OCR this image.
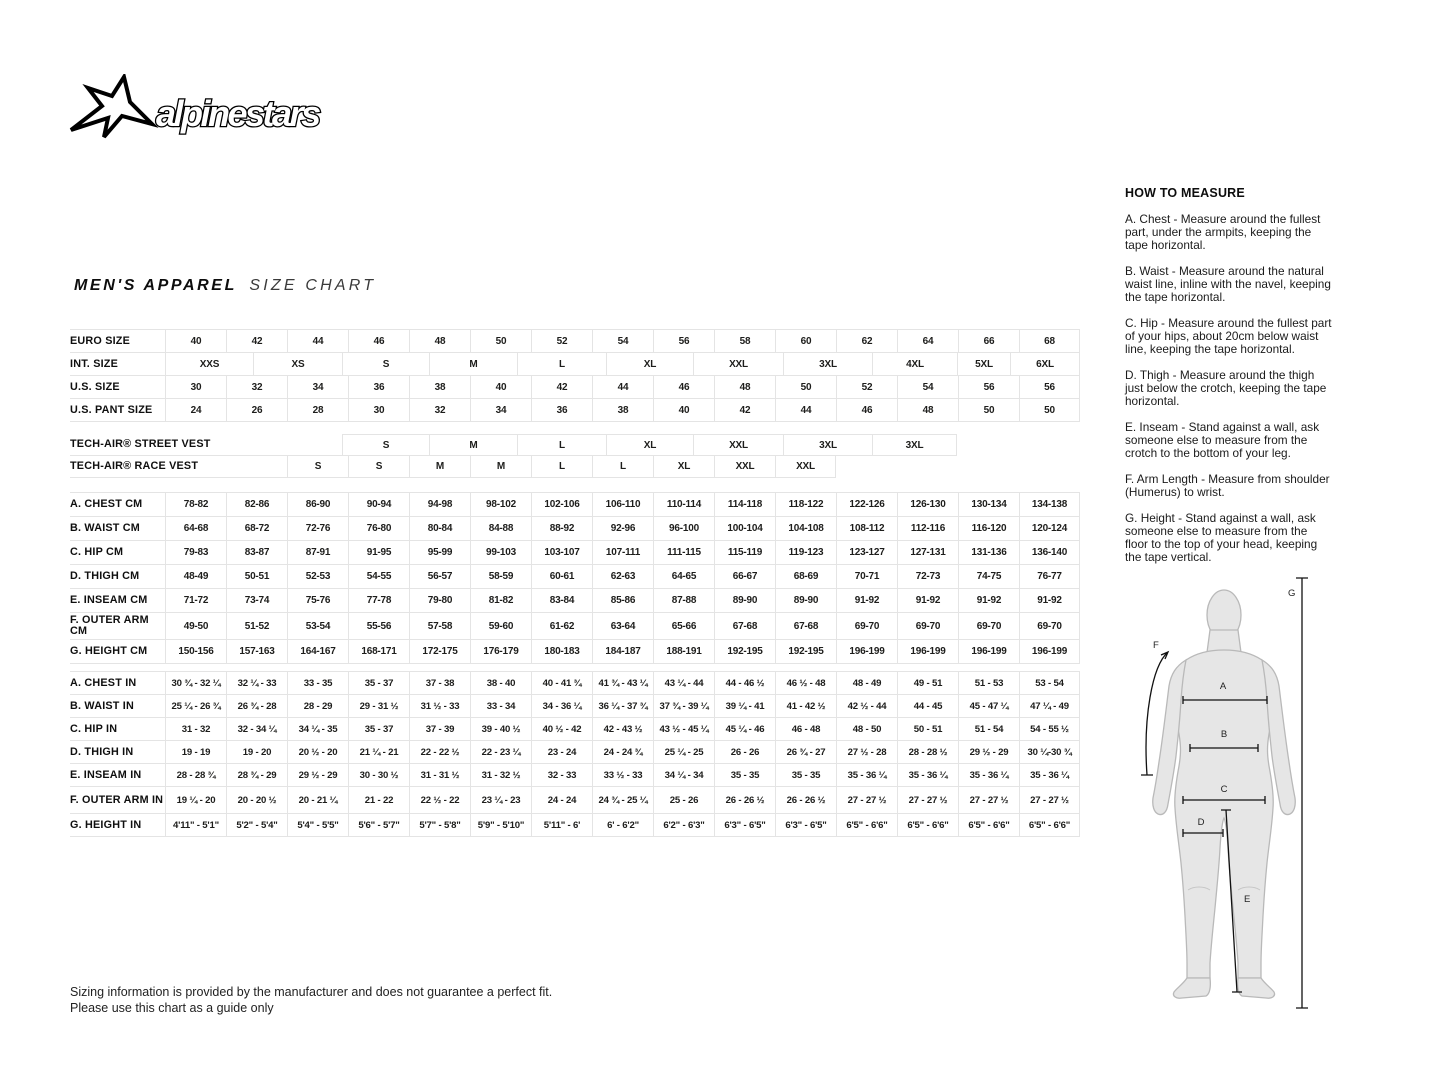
alpinestars
MEN'S APPAREL SIZE CHART
EURO SIZE	40	42	44	46	48	50	52	54	56	58	60	62	64	66	68
INT. SIZE	XXS	XS	S	M	L	XL	XXL	3XL	4XL	5XL	6XL
U.S. SIZE	30	32	34	36	38	40	42	44	46	48	50	52	54	56	56
U.S. PANT SIZE	24	26	28	30	32	34	36	38	40	42	44	46	48	50	50
TECH-AIR® STREET VEST	S	M	L	XL	XXL	3XL	3XL
TECH-AIR® RACE VEST	S	S	M	M	L	L	XL	XXL	XXL
A. CHEST CM	78-82	82-86	86-90	90-94	94-98	98-102	102-106	106-110	110-114	114-118	118-122	122-126	126-130	130-134	134-138
B. WAIST CM	64-68	68-72	72-76	76-80	80-84	84-88	88-92	92-96	96-100	100-104	104-108	108-112	112-116	116-120	120-124
C. HIP CM	79-83	83-87	87-91	91-95	95-99	99-103	103-107	107-111	111-115	115-119	119-123	123-127	127-131	131-136	136-140
D. THIGH CM	48-49	50-51	52-53	54-55	56-57	58-59	60-61	62-63	64-65	66-67	68-69	70-71	72-73	74-75	76-77
E. INSEAM CM	71-72	73-74	75-76	77-78	79-80	81-82	83-84	85-86	87-88	89-90	89-90	91-92	91-92	91-92	91-92
F. OUTER ARM CM	49-50	51-52	53-54	55-56	57-58	59-60	61-62	63-64	65-66	67-68	67-68	69-70	69-70	69-70	69-70
G. HEIGHT CM	150-156	157-163	164-167	168-171	172-175	176-179	180-183	184-187	188-191	192-195	192-195	196-199	196-199	196-199	196-199
A. CHEST IN	30 ¾ - 32 ¼	32 ¼ - 33	33 - 35	35 - 37	37 - 38	38 - 40	40 - 41 ¾	41 ¾ - 43 ¼	43 ¼ - 44	44 - 46 ½	46 ½ - 48	48 - 49	49 - 51	51 - 53	53 - 54
B. WAIST IN	25 ¼ - 26 ¾	26 ¾ - 28	28 - 29	29 - 31 ½	31 ½ - 33	33 - 34	34 - 36 ¼	36 ¼ - 37 ¾	37 ¾ - 39 ¼	39 ¼ - 41	41 - 42 ½	42 ½ - 44	44 - 45	45 - 47 ¼	47 ¼ - 49
C. HIP IN	31 - 32	32 - 34 ¼	34 ¼ - 35	35 - 37	37 - 39	39 - 40 ½	40 ½ - 42	42 - 43 ½	43 ½ - 45 ¼	45 ¼ - 46	46 - 48	48 - 50	50 - 51	51 - 54	54 - 55 ½
D. THIGH IN	19 - 19	19 - 20	20 ½ - 20	21 ¼ - 21	22 - 22 ½	22 - 23 ¼	23 - 24	24 - 24 ¾	25 ¼ - 25	26 - 26	26 ¾ - 27	27 ½ - 28	28 - 28 ½	29 ½ - 29	30 ¼-30 ¾
E. INSEAM IN	28 - 28 ¾	28 ¾ - 29	29 ½ - 29	30 - 30 ½	31 - 31 ½	31 - 32 ½	32 - 33	33 ½ - 33	34 ¼ - 34	35 - 35	35 - 35	35 - 36 ¼	35 - 36 ¼	35 - 36 ¼	35 - 36 ¼
F. OUTER ARM IN	19 ¼ - 20	20 - 20 ½	20 - 21 ¼	21 - 22	22 ½ - 22	23 ¼ - 23	24 - 24	24 ¾ - 25 ¼	25 - 26	26 - 26 ½	26 - 26 ½	27 - 27 ½	27 - 27 ½	27 - 27 ½	27 - 27 ½
G. HEIGHT IN	4'11" - 5'1"	5'2" - 5'4"	5'4" - 5'5"	5'6" - 5'7"	5'7" - 5'8"	5'9" - 5'10"	5'11" - 6'	6' - 6'2"	6'2" - 6'3"	6'3" - 6'5"	6'3" - 6'5"	6'5" - 6'6"	6'5" - 6'6"	6'5" - 6'6"	6'5" - 6'6"
HOW TO MEASURE

A. Chest - Measure around the fullest part, under the armpits, keeping the tape horizontal.

B. Waist - Measure around the natural waist line, inline with the navel, keeping the tape horizontal.

C. Hip - Measure around the fullest part of your hips, about 20cm below waist line, keeping the tape horizontal.

D. Thigh - Measure around the thigh just below the crotch, keeping the tape horizontal.

E. Inseam - Stand against a wall, ask someone else to measure from the crotch to the bottom of your leg.

F. Arm Length - Measure from shoulder (Humerus) to wrist.

G. Height - Stand against a wall, ask someone else to measure from the floor to the top of your head, keeping the tape vertical.

A
B
C
D
E
F
G
Sizing information is provided by the manufacturer and does not guarantee a perfect fit.
Please use this chart as a guide only
